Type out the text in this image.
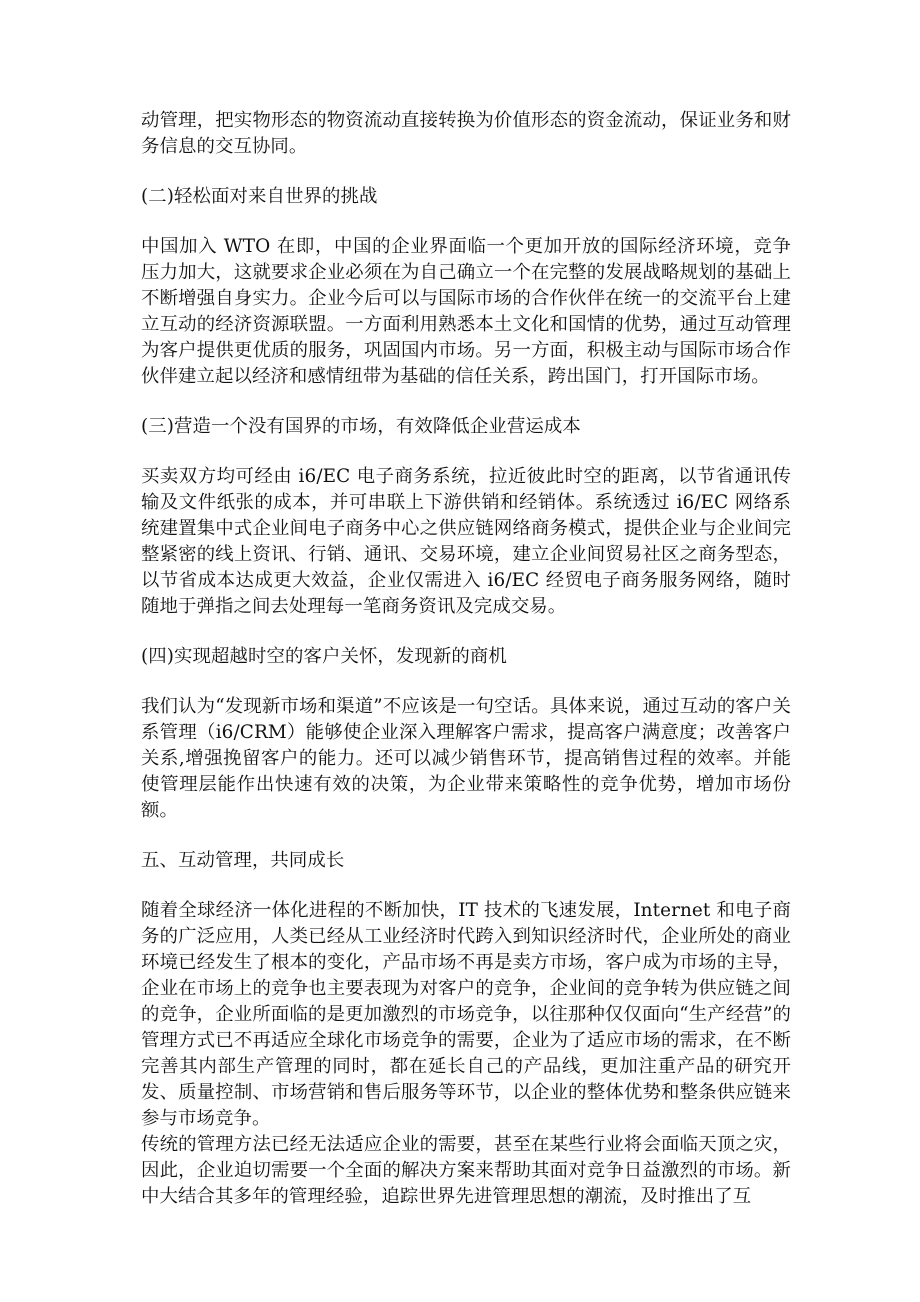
动管理，把实物形态的物资流动直接转换为价值形态的资金流动，保证业务和财务信息的交互协同。

(二)轻松面对来自世界的挑战

中国加入 WTO 在即，中国的企业界面临一个更加开放的国际经济环境，竞争压力加大，这就要求企业必须在为自己确立一个在完整的发展战略规划的基础上不断增强自身实力。企业今后可以与国际市场的合作伙伴在统一的交流平台上建立互动的经济资源联盟。一方面利用熟悉本土文化和国情的优势，通过互动管理为客户提供更优质的服务，巩固国内市场。另一方面，积极主动与国际市场合作伙伴建立起以经济和感情纽带为基础的信任关系，跨出国门，打开国际市场。

(三)营造一个没有国界的市场，有效降低企业营运成本

买卖双方均可经由 i6/EC 电子商务系统，拉近彼此时空的距离，以节省通讯传输及文件纸张的成本，并可串联上下游供销和经销体。系统透过 i6/EC 网络系统建置集中式企业间电子商务中心之供应链网络商务模式，提供企业与企业间完整紧密的线上资讯、行销、通讯、交易环境，建立企业间贸易社区之商务型态，以节省成本达成更大效益，企业仅需进入 i6/EC 经贸电子商务服务网络，随时随地于弹指之间去处理每一笔商务资讯及完成交易。

(四)实现超越时空的客户关怀，发现新的商机

我们认为“发现新市场和渠道”不应该是一句空话。具体来说，通过互动的客户关系管理（i6/CRM）能够使企业深入理解客户需求，提高客户满意度；改善客户关系,增强挽留客户的能力。还可以减少销售环节，提高销售过程的效率。并能使管理层能作出快速有效的决策，为企业带来策略性的竞争优势，增加市场份额。

五、互动管理，共同成长

随着全球经济一体化进程的不断加快，IT 技术的飞速发展，Internet 和电子商务的广泛应用，人类已经从工业经济时代跨入到知识经济时代，企业所处的商业环境已经发生了根本的变化，产品市场不再是卖方市场，客户成为市场的主导，企业在市场上的竞争也主要表现为对客户的竞争，企业间的竞争转为供应链之间的竞争，企业所面临的是更加激烈的市场竞争，以往那种仅仅面向“生产经营”的管理方式已不再适应全球化市场竞争的需要，企业为了适应市场的需求，在不断完善其内部生产管理的同时，都在延长自己的产品线，更加注重产品的研究开发、质量控制、市场营销和售后服务等环节，以企业的整体优势和整条供应链来参与市场竞争。

传统的管理方法已经无法适应企业的需要，甚至在某些行业将会面临天顶之灾，因此，企业迫切需要一个全面的解决方案来帮助其面对竞争日益激烈的市场。新中大结合其多年的管理经验，追踪世界先进管理思想的潮流，及时推出了互
